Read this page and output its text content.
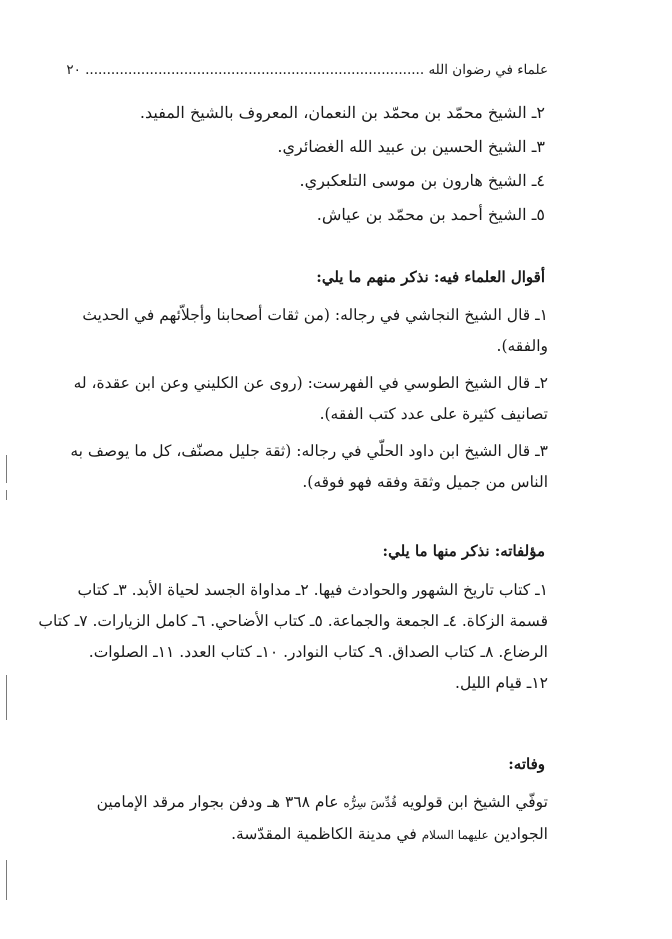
علماء في رضوان الله ............................................................................... ٢٠
٢ـ الشيخ محمّد بن محمّد بن النعمان، المعروف بالشيخ المفيد.
٣ـ الشيخ الحسين بن عبيد الله الغضائري.
٤ـ الشيخ هارون بن موسى التلعكبري.
٥ـ الشيخ أحمد بن محمّد بن عياش.
أقوال العلماء فيه: نذكر منهم ما يلي:
١ـ قال الشيخ النجاشي في رجاله: (من ثقات أصحابنا وأجلاّئهم في الحديث
والفقه).
٢ـ قال الشيخ الطوسي في الفهرست: (روى عن الكليني وعن ابن عقدة، له
تصانيف كثيرة على عدد كتب الفقه).
٣ـ قال الشيخ ابن داود الحلّي في رجاله: (ثقة جليل مصنّف، كل ما يوصف به
الناس من جميل وثقة وفقه فهو فوقه).
مؤلفاته: نذكر منها ما يلي:
١ـ كتاب تاريخ الشهور والحوادث فيها. ٢ـ مداواة الجسد لحياة الأبد. ٣ـ كتاب
قسمة الزكاة. ٤ـ الجمعة والجماعة. ٥ـ كتاب الأضاحي. ٦ـ كامل الزيارات. ٧ـ كتاب
الرضاع. ٨ـ كتاب الصداق. ٩ـ كتاب النوادر. ١٠ـ كتاب العدد. ١١ـ الصلوات.
١٢ـ قيام الليل.
وفاته:
توفّي الشيخ ابن قولويه قُدِّسَ سِرُّه عام ٣٦٨ هـ ودفن بجوار مرقد الإمامين
الجوادين عليهما السلام في مدينة الكاظمية المقدّسة.
